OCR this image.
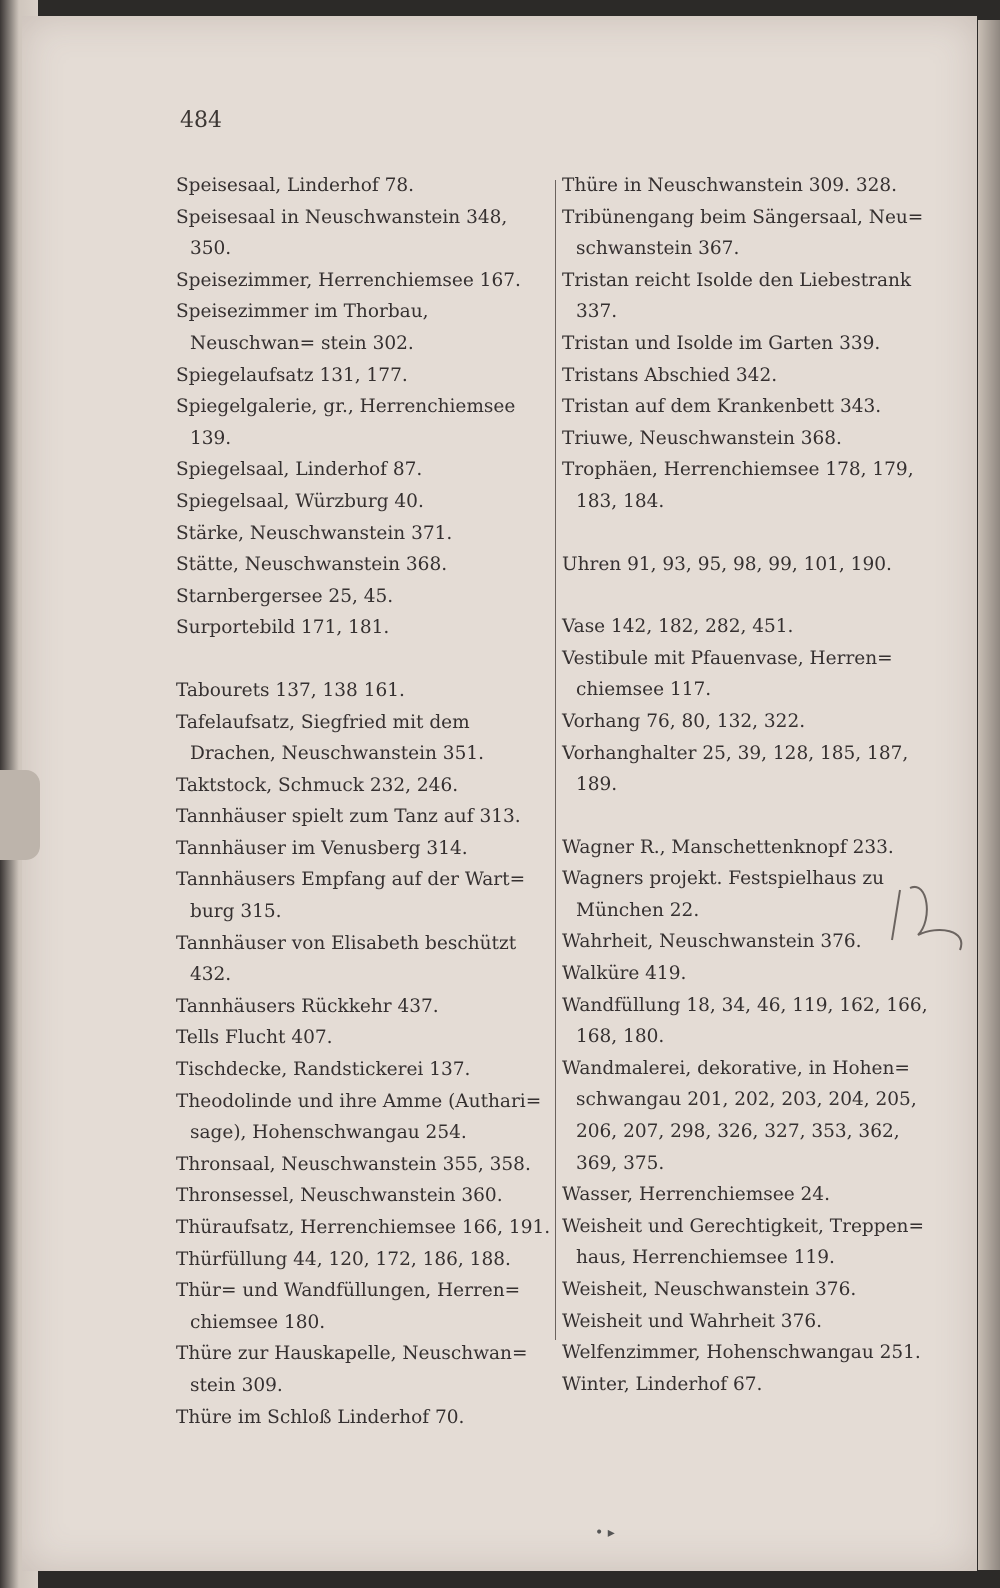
484
Speisesaal, Linderhof 78.
Speisesaal in Neuschwanstein 348, 350.
Speisezimmer, Herrenchiemsee 167.
Speisezimmer im Thorbau, Neuschwan= stein 302.
Spiegelaufsatz 131, 177.
Spiegelgalerie, gr., Herrenchiemsee 139.
Spiegelsaal, Linderhof 87.
Spiegelsaal, Würzburg 40.
Stärke, Neuschwanstein 371.
Stätte, Neuschwanstein 368.
Starnbergersee 25, 45.
Surportebild 171, 181.
Tabourets 137, 138 161.
Tafelaufsatz, Siegfried mit dem Drachen, Neuschwanstein 351.
Taktstock, Schmuck 232, 246.
Tannhäuser spielt zum Tanz auf 313.
Tannhäuser im Venusberg 314.
Tannhäusers Empfang auf der Wart= burg 315.
Tannhäuser von Elisabeth beschützt 432.
Tannhäusers Rückkehr 437.
Tells Flucht 407.
Tischdecke, Randstickerei 137.
Theodolinde und ihre Amme (Authari= sage), Hohenschwangau 254.
Thronsaal, Neuschwanstein 355, 358.
Thronsessel, Neuschwanstein 360.
Thüraufsatz, Herrenchiemsee 166, 191.
Thürfüllung 44, 120, 172, 186, 188.
Thür= und Wandfüllungen, Herren= chiemsee 180.
Thüre zur Hauskapelle, Neuschwan= stein 309.
Thüre im Schloß Linderhof 70.
Thüre in Neuschwanstein 309. 328.
Tribünengang beim Sängersaal, Neu= schwanstein 367.
Tristan reicht Isolde den Liebestrank 337.
Tristan und Isolde im Garten 339.
Tristans Abschied 342.
Tristan auf dem Krankenbett 343.
Triuwe, Neuschwanstein 368.
Trophäen, Herrenchiemsee 178, 179, 183, 184.
Uhren 91, 93, 95, 98, 99, 101, 190.
Vase 142, 182, 282, 451.
Vestibule mit Pfauenvase, Herren= chiemsee 117.
Vorhang 76, 80, 132, 322.
Vorhanghalter 25, 39, 128, 185, 187, 189.
Wagner R., Manschettenknopf 233.
Wagners projekt. Festspielhaus zu München 22.
Wahrheit, Neuschwanstein 376.
Walküre 419.
Wandfüllung 18, 34, 46, 119, 162, 166, 168, 180.
Wandmalerei, dekorative, in Hohen= schwangau 201, 202, 203, 204, 205, 206, 207, 298, 326, 327, 353, 362, 369, 375.
Wasser, Herrenchiemsee 24.
Weisheit und Gerechtigkeit, Treppen= haus, Herrenchiemsee 119.
Weisheit, Neuschwanstein 376.
Weisheit und Wahrheit 376.
Welfenzimmer, Hohenschwangau 251.
Winter, Linderhof 67.
• ▸
